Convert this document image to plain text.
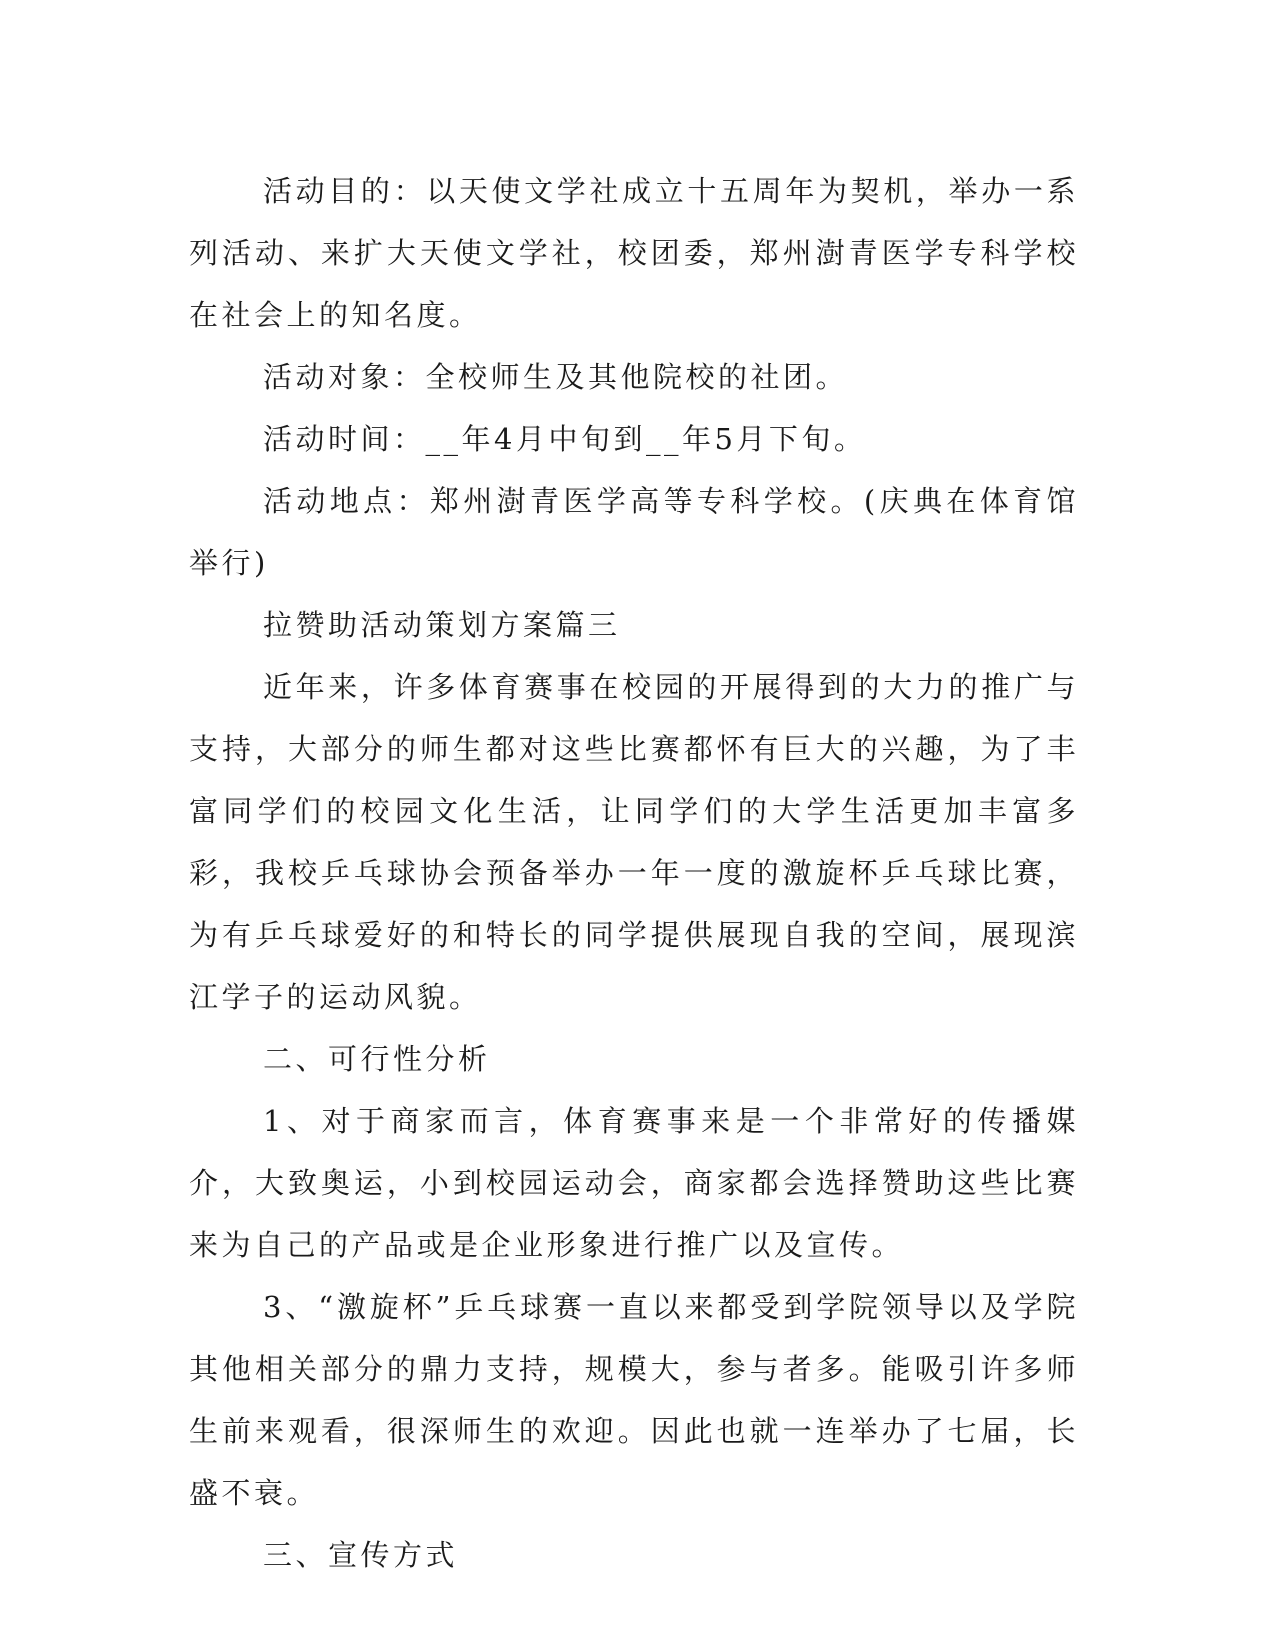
活动目的：以天使文学社成立十五周年为契机，举办一系列活动、来扩大天使文学社，校团委，郑州澍青医学专科学校在社会上的知名度。

活动对象：全校师生及其他院校的社团。

活动时间：__年4月中旬到__年5月下旬。

活动地点：郑州澍青医学高等专科学校。(庆典在体育馆举行)

拉赞助活动策划方案篇三

近年来，许多体育赛事在校园的开展得到的大力的推广与支持，大部分的师生都对这些比赛都怀有巨大的兴趣，为了丰富同学们的校园文化生活，让同学们的大学生活更加丰富多彩，我校乒乓球协会预备举办一年一度的激旋杯乒乓球比赛，为有乒乓球爱好的和特长的同学提供展现自我的空间，展现滨江学子的运动风貌。

二、可行性分析

1、对于商家而言，体育赛事来是一个非常好的传播媒介，大致奥运，小到校园运动会，商家都会选择赞助这些比赛来为自己的产品或是企业形象进行推广以及宣传。

3、“激旋杯”乒乓球赛一直以来都受到学院领导以及学院其他相关部分的鼎力支持，规模大，参与者多。能吸引许多师生前来观看，很深师生的欢迎。因此也就一连举办了七届，长盛不衰。

三、宣传方式
